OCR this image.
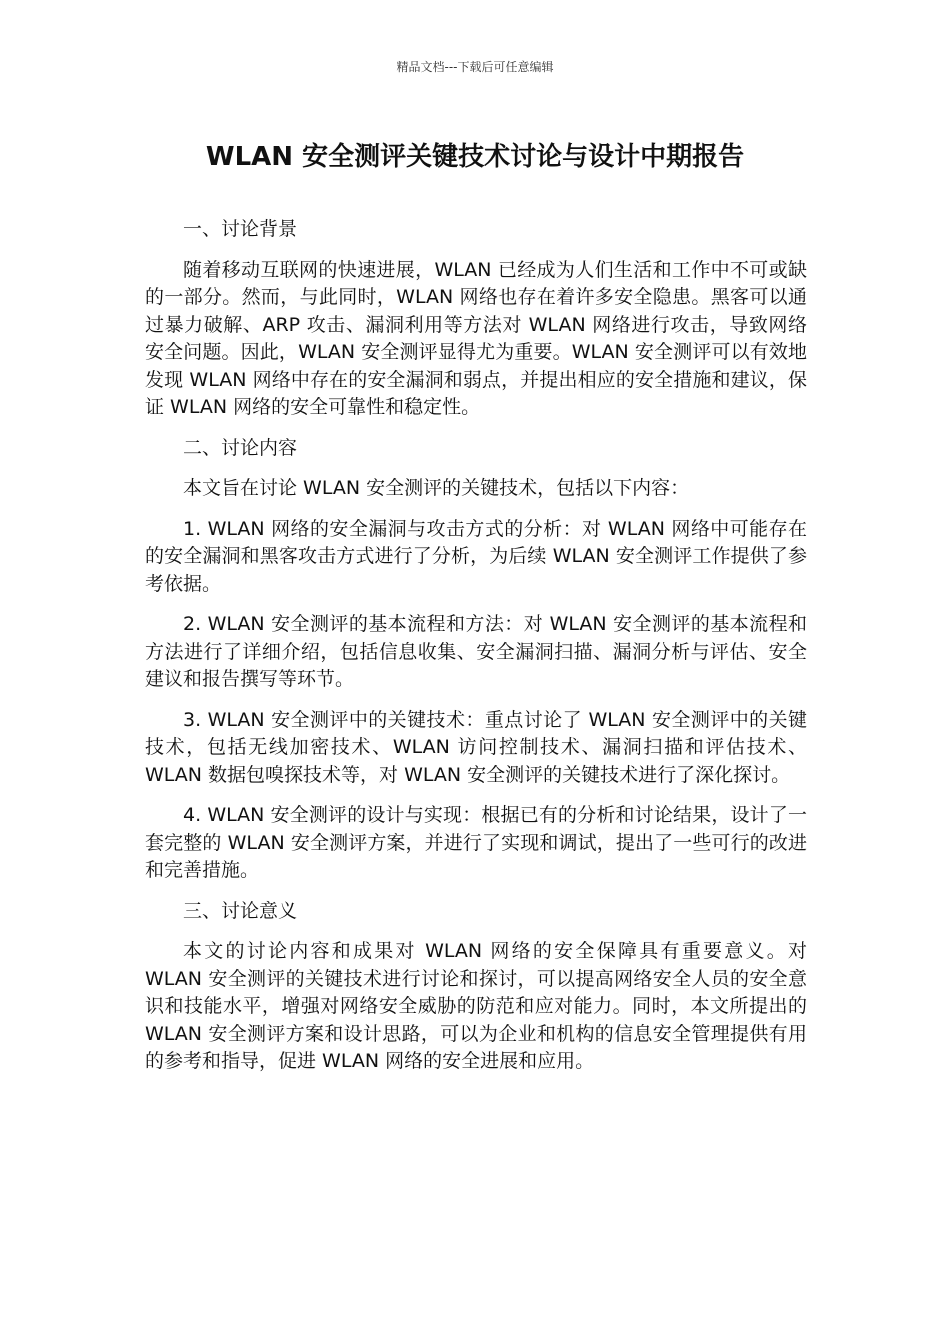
精品文档---下载后可任意编辑
WLAN 安全测评关键技术讨论与设计中期报告

一、讨论背景

随着移动互联网的快速进展，WLAN 已经成为人们生活和工作中不可或缺的一部分。然而，与此同时，WLAN 网络也存在着许多安全隐患。黑客可以通过暴力破解、ARP 攻击、漏洞利用等方法对 WLAN 网络进行攻击，导致网络安全问题。因此，WLAN 安全测评显得尤为重要。WLAN 安全测评可以有效地发现 WLAN 网络中存在的安全漏洞和弱点，并提出相应的安全措施和建议，保证 WLAN 网络的安全可靠性和稳定性。

二、讨论内容

本文旨在讨论 WLAN 安全测评的关键技术，包括以下内容：

1. WLAN 网络的安全漏洞与攻击方式的分析：对 WLAN 网络中可能存在的安全漏洞和黑客攻击方式进行了分析，为后续 WLAN 安全测评工作提供了参考依据。

2. WLAN 安全测评的基本流程和方法：对 WLAN 安全测评的基本流程和方法进行了详细介绍，包括信息收集、安全漏洞扫描、漏洞分析与评估、安全建议和报告撰写等环节。

3. WLAN 安全测评中的关键技术：重点讨论了 WLAN 安全测评中的关键技术，包括无线加密技术、WLAN 访问控制技术、漏洞扫描和评估技术、WLAN 数据包嗅探技术等，对 WLAN 安全测评的关键技术进行了深化探讨。

4. WLAN 安全测评的设计与实现：根据已有的分析和讨论结果，设计了一套完整的 WLAN 安全测评方案，并进行了实现和调试，提出了一些可行的改进和完善措施。

三、讨论意义

本文的讨论内容和成果对 WLAN 网络的安全保障具有重要意义。对 WLAN 安全测评的关键技术进行讨论和探讨，可以提高网络安全人员的安全意识和技能水平，增强对网络安全威胁的防范和应对能力。同时，本文所提出的 WLAN 安全测评方案和设计思路，可以为企业和机构的信息安全管理提供有用的参考和指导，促进 WLAN 网络的安全进展和应用。
